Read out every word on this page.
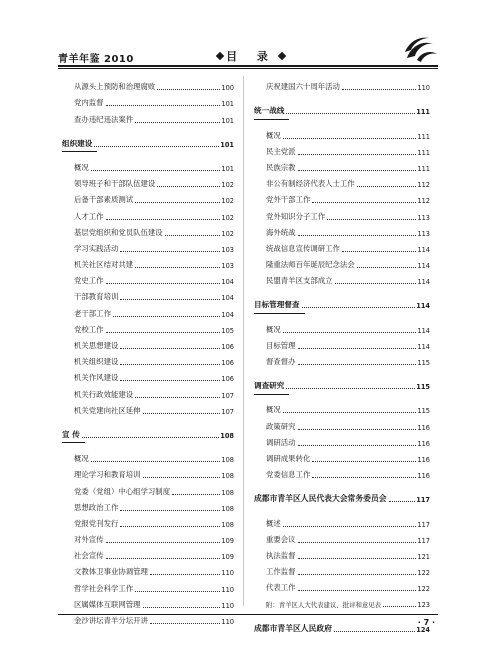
青羊年鉴 2010	目 录
从源头上预防和治理腐败	100
党内监督	101
查办违纪违法案件	101
组织建设	101
概况	101
领导班子和干部队伍建设	102
后备干部素质测试	102
人才工作	102
基层党组织和党员队伍建设	102
学习实践活动	103
机关社区结对共建	103
党史工作	104
干部教育培训	104
老干部工作	104
党校工作	105
机关思想建设	106
机关组织建设	106
机关作风建设	106
机关行政效能建设	107
机关党建向社区延伸	107
宣 传	108
概况	108
理论学习和教育培训	108
党委（党组）中心组学习制度	108
思想政治工作	108
党报党刊发行	108
对外宣传	109
社会宣传	109
文教体卫事业协调管理	110
哲学社会科学工作	110
区属媒体互联网管理	110
金沙讲坛青羊分坛开讲	110
庆祝建国六十周年活动	110
统一战线	111
概况	111
民主党派	111
民族宗教	111
非公有制经济代表人士工作	112
党外干部工作	112
党外知识分子工作	113
海外统战	113
统战信息宣传调研工作	114
隆重法师百年诞辰纪念法会	114
民盟青羊区支部成立	114
目标管理督查	114
概况	114
目标管理	114
督查督办	115
调查研究	115
概况	115
政策研究	116
调研活动	116
调研成果转化	116
党委信息工作	116
成都市青羊区人民代表大会常务委员会	117
概述	117
重要会议	117
执法监督	121
工作监督	122
代表工作	122
附：青羊区人大代表建议、批评和意见表	123
成都市青羊区人民政府	124
· 7 ·
